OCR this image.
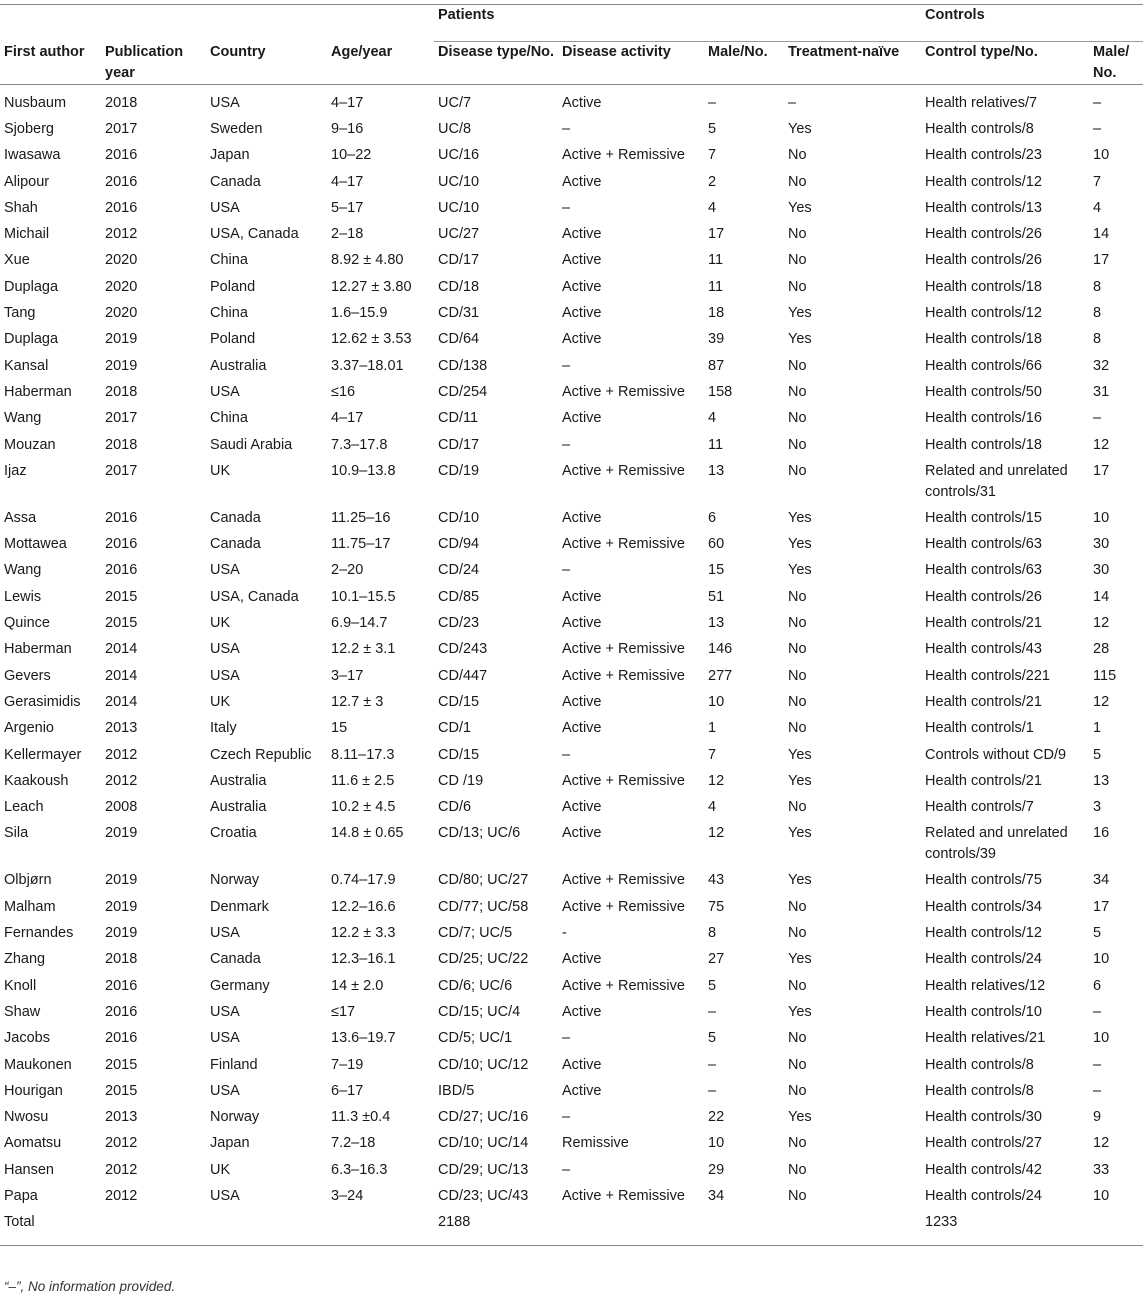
				Patients				Controls	
First author	Publication year	Country	Age/year	Disease type/No.	Disease activity	Male/No.	Treatment-naïve	Control type/No.	Male/ No.
Nusbaum	2018	USA	4–17	UC/7	Active	–	–	Health relatives/7	–
Sjoberg	2017	Sweden	9–16	UC/8	–	5	Yes	Health controls/8	–
Iwasawa	2016	Japan	10–22	UC/16	Active + Remissive	7	No	Health controls/23	10
Alipour	2016	Canada	4–17	UC/10	Active	2	No	Health controls/12	7
Shah	2016	USA	5–17	UC/10	–	4	Yes	Health controls/13	4
Michail	2012	USA, Canada	2–18	UC/27	Active	17	No	Health controls/26	14
Xue	2020	China	8.92 ± 4.80	CD/17	Active	11	No	Health controls/26	17
Duplaga	2020	Poland	12.27 ± 3.80	CD/18	Active	11	No	Health controls/18	8
Tang	2020	China	1.6–15.9	CD/31	Active	18	Yes	Health controls/12	8
Duplaga	2019	Poland	12.62 ± 3.53	CD/64	Active	39	Yes	Health controls/18	8
Kansal	2019	Australia	3.37–18.01	CD/138	–	87	No	Health controls/66	32
Haberman	2018	USA	≤16	CD/254	Active + Remissive	158	No	Health controls/50	31
Wang	2017	China	4–17	CD/11	Active	4	No	Health controls/16	–
Mouzan	2018	Saudi Arabia	7.3–17.8	CD/17	–	11	No	Health controls/18	12
Ijaz	2017	UK	10.9–13.8	CD/19	Active + Remissive	13	No	Related and unrelated controls/31	17
Assa	2016	Canada	11.25–16	CD/10	Active	6	Yes	Health controls/15	10
Mottawea	2016	Canada	11.75–17	CD/94	Active + Remissive	60	Yes	Health controls/63	30
Wang	2016	USA	2–20	CD/24	–	15	Yes	Health controls/63	30
Lewis	2015	USA, Canada	10.1–15.5	CD/85	Active	51	No	Health controls/26	14
Quince	2015	UK	6.9–14.7	CD/23	Active	13	No	Health controls/21	12
Haberman	2014	USA	12.2 ± 3.1	CD/243	Active + Remissive	146	No	Health controls/43	28
Gevers	2014	USA	3–17	CD/447	Active + Remissive	277	No	Health controls/221	115
Gerasimidis	2014	UK	12.7 ± 3	CD/15	Active	10	No	Health controls/21	12
Argenio	2013	Italy	15	CD/1	Active	1	No	Health controls/1	1
Kellermayer	2012	Czech Republic	8.11–17.3	CD/15	–	7	Yes	Controls without CD/9	5
Kaakoush	2012	Australia	11.6 ± 2.5	CD /19	Active + Remissive	12	Yes	Health controls/21	13
Leach	2008	Australia	10.2 ± 4.5	CD/6	Active	4	No	Health controls/7	3
Sila	2019	Croatia	14.8 ± 0.65	CD/13; UC/6	Active	12	Yes	Related and unrelated controls/39	16
Olbjørn	2019	Norway	0.74–17.9	CD/80; UC/27	Active + Remissive	43	Yes	Health controls/75	34
Malham	2019	Denmark	12.2–16.6	CD/77; UC/58	Active + Remissive	75	No	Health controls/34	17
Fernandes	2019	USA	12.2 ± 3.3	CD/7; UC/5	-	8	No	Health controls/12	5
Zhang	2018	Canada	12.3–16.1	CD/25; UC/22	Active	27	Yes	Health controls/24	10
Knoll	2016	Germany	14 ± 2.0	CD/6; UC/6	Active + Remissive	5	No	Health relatives/12	6
Shaw	2016	USA	≤17	CD/15; UC/4	Active	–	Yes	Health controls/10	–
Jacobs	2016	USA	13.6–19.7	CD/5; UC/1	–	5	No	Health relatives/21	10
Maukonen	2015	Finland	7–19	CD/10; UC/12	Active	–	No	Health controls/8	–
Hourigan	2015	USA	6–17	IBD/5	Active	–	No	Health controls/8	–
Nwosu	2013	Norway	11.3 ±0.4	CD/27; UC/16	–	22	Yes	Health controls/30	9
Aomatsu	2012	Japan	7.2–18	CD/10; UC/14	Remissive	10	No	Health controls/27	12
Hansen	2012	UK	6.3–16.3	CD/29; UC/13	–	29	No	Health controls/42	33
Papa	2012	USA	3–24	CD/23; UC/43	Active + Remissive	34	No	Health controls/24	10
Total				2188				1233	
“–”, No information provided.
